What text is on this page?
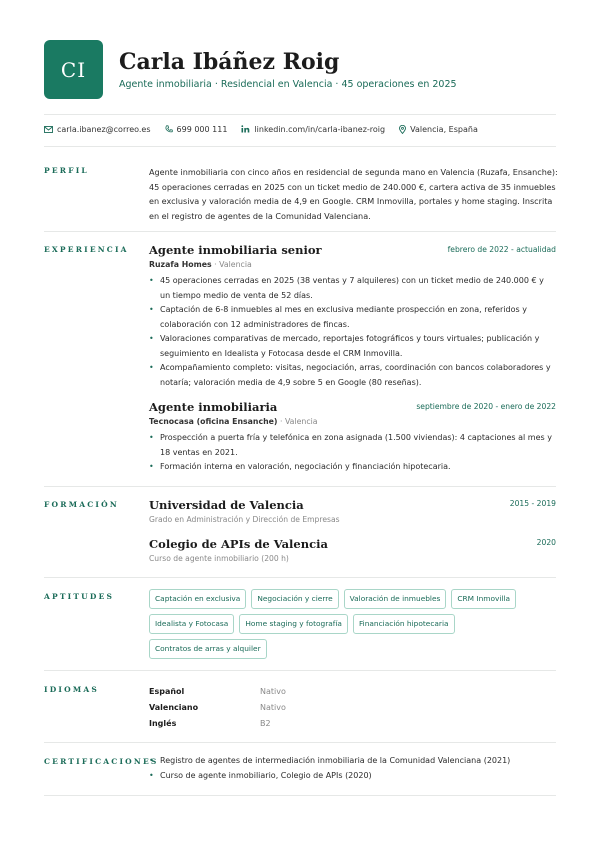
CI	Carla Ibáñez Roig
Agente inmobiliaria · Residencial en Valencia · 45 operaciones en 2025
carla.ibanez@correo.es	699 000 111	linkedin.com/in/carla-ibanez-roig	Valencia, España
PERFIL	Agente inmobiliaria con cinco años en residencial de segunda mano en Valencia (Ruzafa, Ensanche): 45 operaciones cerradas en 2025 con un ticket medio de 240.000 €, cartera activa de 35 inmuebles en exclusiva y valoración media de 4,9 en Google. CRM Inmovilla, portales y home staging. Inscrita en el registro de agentes de la Comunidad Valenciana.
EXPERIENCIA Agente inmobiliaria senior	febrero de 2022 - actualidad
Ruzafa Homes · Valencia
• 45 operaciones cerradas en 2025 (38 ventas y 7 alquileres) con un ticket medio de 240.000 € y un tiempo medio de venta de 52 días.
• Captación de 6-8 inmuebles al mes en exclusiva mediante prospección en zona, referidos y colaboración con 12 administradores de fincas.
• Valoraciones comparativas de mercado, reportajes fotográficos y tours virtuales; publicación y seguimiento en Idealista y Fotocasa desde el CRM Inmovilla.
• Acompañamiento completo: visitas, negociación, arras, coordinación con bancos colaboradores y notaría; valoración media de 4,9 sobre 5 en Google (80 reseñas).
Agente inmobiliaria	septiembre de 2020 - enero de 2022
Tecnocasa (oficina Ensanche) · Valencia
• Prospección a puerta fría y telefónica en zona asignada (1.500 viviendas): 4 captaciones al mes y 18 ventas en 2021.
• Formación interna en valoración, negociación y financiación hipotecaria.
FORMACIÓN	Universidad de Valencia	2015 - 2019
Grado en Administración y Dirección de Empresas
Colegio de APIs de Valencia	2020
Curso de agente inmobiliario (200 h)
APTITUDES	Captación en exclusiva	Negociación y cierre	Valoración de inmuebles	CRM Inmovilla
Idealista y Fotocasa	Home staging y fotografía	Financiación hipotecaria
Contratos de arras y alquiler
IDIOMAS	Español	Nativo
Valenciano	Nativo
Inglés	B2
CERTIFICACIONES
• Registro de agentes de intermediación inmobiliaria de la Comunidad Valenciana (2021)
• Curso de agente inmobiliario, Colegio de APIs (2020)
